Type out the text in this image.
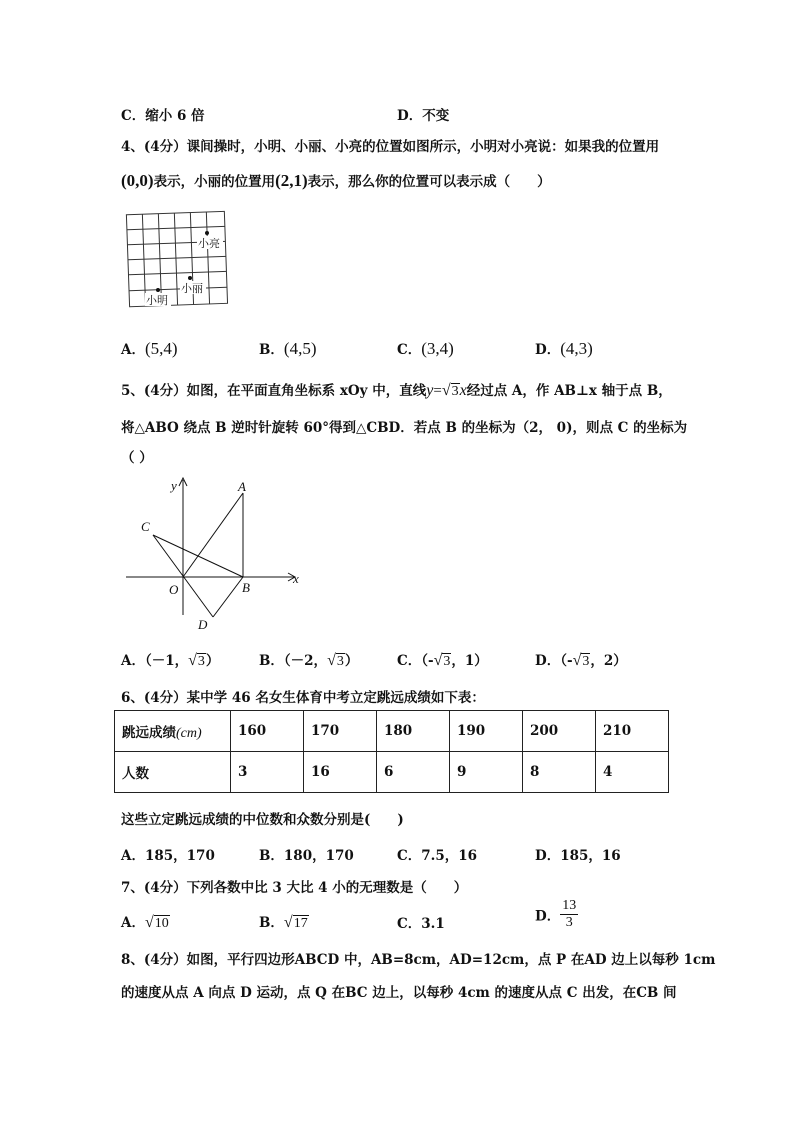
C．缩小 6 倍	D．不变
4、(4分）课间操时，小明、小丽、小亮的位置如图所示，小明对小亮说：如果我的位置用
(0,0)表示，小丽的位置用(2,1)表示，那么你的位置可以表示成（　　）
小亮
小丽
小明
A．(5,4)	B．(4,5)	C．(3,4)	D．(4,3)
5、(4分）如图，在平面直角坐标系 xOy 中，直线y=√3x经过点 A，作 AB⊥x 轴于点 B，
将△ABO 绕点 B 逆时针旋转 60°得到△CBD．若点 B 的坐标为（2， 0)，则点 C 的坐标为
（ ）
y
x
A
C
O	B
D
A．（－1，√3）	B．（－2，√3）	C．（-√3，1）	D．（-√3，2）
6、(4分）某中学 46 名女生体育中考立定跳远成绩如下表：
跳远成绩(cm)	160	170	180	190	200	210
人数	3	16	6	9	8	4
这些立定跳远成绩的中位数和众数分别是(　　)
A．185，170	B．180，170	C．7.5，16	D．185，16
7、(4分）下列各数中比 3 大比 4 小的无理数是（　　）
A．√10	B．√17	C．3.1	D． $\frac{13}{3}$
8、(4分）如图，平行四边形ABCD 中，AB=8cm，AD=12cm，点 P 在AD 边上以每秒 1cm
的速度从点 A 向点 D 运动，点 Q 在BC 边上，以每秒 4cm 的速度从点 C 出发，在CB 间
